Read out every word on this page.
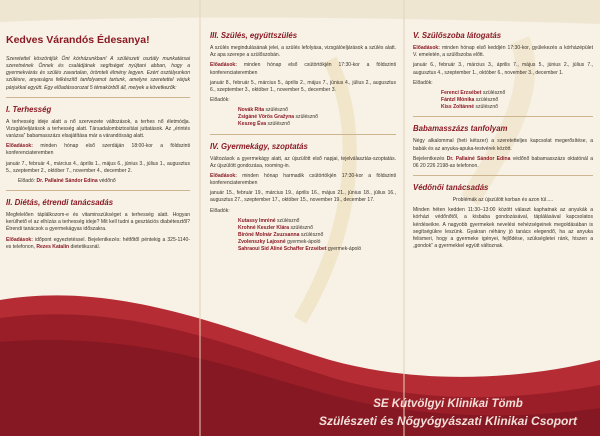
Kedves Várandós Édesanya!

Szeretettel köszöntjük Önt kórházunkban! A szülészeti osztály munkatársai szeretnének Önnek és családjának segítséget nyújtani abban, hogy a gyermekvárás és szülés zavartalan, örömteli élmény legyen. Ezért osztályunkon szülésre, anyaságra felkészítő tanfolyamot tartunk, amelyre szeretettel várjuk párjukkal együtt. Egy előadássorozat 5 témakörből áll, melyek a következők:

I. Terhesség

A terhesség ideje alatt a nő szervezete változások, a terhes nő életmódja. Vizsgálóeljárások a terhesség alatt. Társadalombiztosítási juttatások. Az „érintés varázsa” babamasszázs elsajátítása már a várandósság alatt.

Előadások: minden hónap első szerdáján 18:00-kor a földszinti konferenciateremben

január 7., február 4., március 4., április 1., május 6., június 3., július 1., augusztus 5., szeptember 2., október 7., november 4., december 2.

Előadó: Dr. Pallainé Sándor Edina védőnő

II. Diétás, étrendi tanácsadás

Megfelelően táplálkozom-e és vitaminszükséget a terhesség alatt. Hogyan kerülhető el az elhízás a terhesség ideje? Mit kell tudni a gesztációs diabétesztől? Étrendi tanácsok a gyermekágyas időszakra.

Előadások: időpont egyeztetéssel. Bejelentkezés: hétfőtől péntekig a 325-1140-es telefonon, Rezes Katalin dietetikusnál.

III. Szülés, együttszülés

A szülés megindulásának jelei, a szülés lefolyása, vizsgálóeljárások a szülés alatt. Az apa szerepe a szülőszobán.

Előadások: minden hónap első csütörtökjén 17:30-kor a földszinti konferenciateremben

január 8., február 5., március 5., április 2., május 7., június 4., július 2., augusztus 6., szeptember 3., október 1., november 5., december 3.

Előadók:

Novák Rita szülésznő
Zsigáné Vörös Gražyna szülésznő
Keszeg Éva szülésznő
IV. Gyermekágy, szoptatás

Változások a gyermekágy alatt, az újszülött első napjai, tejelválasztás-szoptatás. Az újszülött gondozása, rooming-in.

Előadások: minden hónap harmadik csütörtökjén 17:30-kor a földszinti konferenciateremben

január 15., február 19., március 19., április 16., május 21., június 18., július 16., augusztus 27., szeptember 17., október 15., november 19., december 17.

Előadók:

Kutassy Imréné szülésznő
Krohné Keszler Klára szülésznő
Bíróné Molnár Zsuzsanna szülésznő
Zvolenszky Lajosné gyermek-ápoló
Sahraoui Sid Aliné Schaffer Erzsébet gyermek-ápoló
V. Szülőszoba látogatás

Előadások: minden hónap első keddjén 17:30-kor, gyülekezés a kórházépület V. emeletén, a szülőszoba előtt.

január 6., február 3., március 3., április 7., május 5., június 2., július 7., augusztus 4., szeptember 1., október 6., november 3., december 1.

Előadók:

Ferenci Erzsébet szülésznő
Fántzl Mónika szülésznő
Kiss Zoltánné szülésznő
Babamasszázs tanfolyam

Négy alkalommal (heti kétszer) a szeretetteljes kapcsolat megerősítése, a babák és az anyuka-apuka-testvérek között.

Bejelentkezés Dr. Pallainé Sándor Edina védőnő babamasszázs oktatónál a 06 20 226 2198-as telefonon.

Védőnői tanácsadás

Problémák az újszülött korban és azon túl.....

Minden héten kedden 11:30–13:00 között választ kaphatnak az anyukák a kórházi védőnőtől, a kisbaba gondozásával, táplálásával kapcsolatos kérdéseikre. A nagyobb gyermekek nevelési nehézségeinek megoldásában is segítségükre leszünk. Gyakran néhány jó tanács elegendő, ha az anyuka felismeri, hogy a gyermeke igényei, fejlődése, szükségletei ránk, hiszen a „gondok” a gyermekkel együtt változnak.

SE Kútvölgyi Klinikai Tömb
Szülészeti és Nőgyógyászati Klinikai Csoport
